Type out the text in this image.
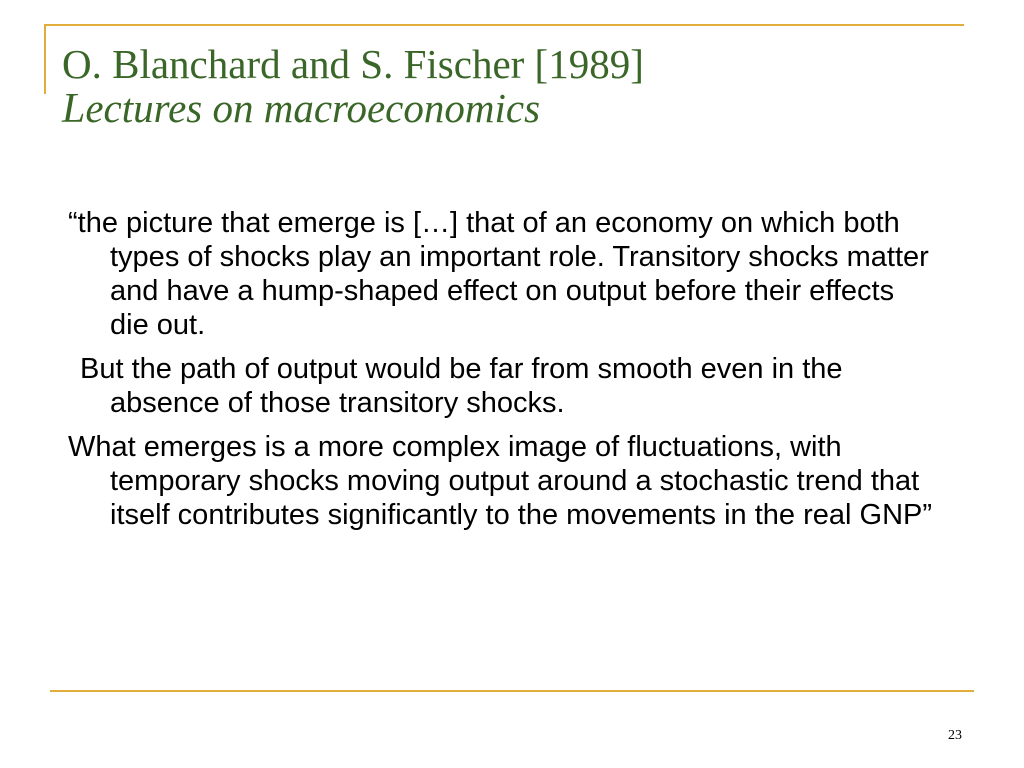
O. Blanchard and S. Fischer [1989]
Lectures on macroeconomics

“the picture that emerge is […] that of an economy on which both types of shocks play an important role. Transitory shocks matter and have a hump-shaped effect on output before their effects die out.

But the path of output would be far from smooth even in the absence of those transitory shocks.

What emerges is a more complex image of fluctuations, with temporary shocks moving output around a stochastic trend that itself contributes significantly to the movements in the real GNP”

23
